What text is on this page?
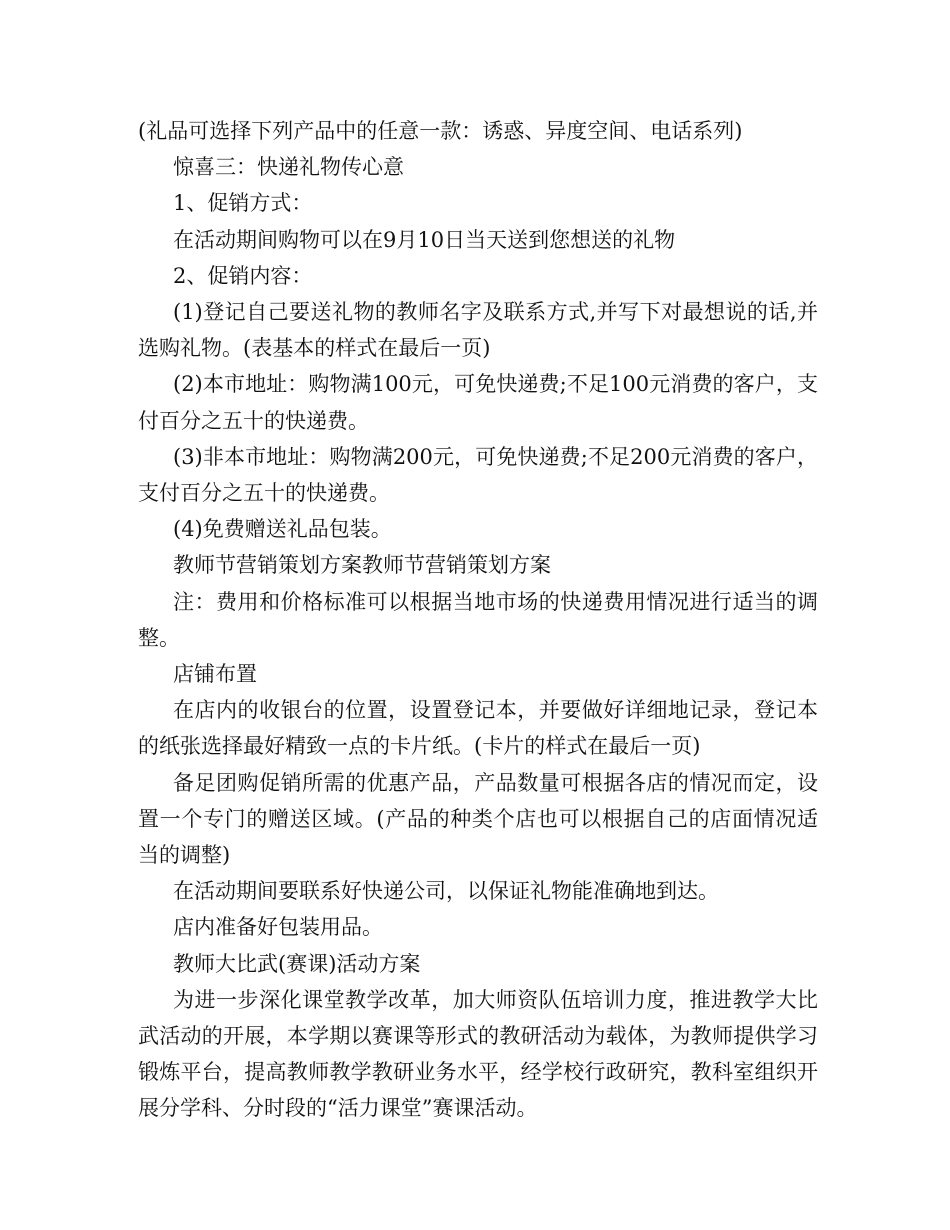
(礼品可选择下列产品中的任意一款：诱惑、异度空间、电话系列)

惊喜三：快递礼物传心意

1、促销方式：

在活动期间购物可以在9月10日当天送到您想送的礼物

2、促销内容：

(1)登记自己要送礼物的教师名字及联系方式,并写下对最想说的话,并选购礼物。(表基本的样式在最后一页)

(2)本市地址：购物满100元，可免快递费;不足100元消费的客户，支付百分之五十的快递费。

(3)非本市地址：购物满200元，可免快递费;不足200元消费的客户，支付百分之五十的快递费。

(4)免费赠送礼品包装。

教师节营销策划方案教师节营销策划方案

注：费用和价格标准可以根据当地市场的快递费用情况进行适当的调整。

店铺布置

在店内的收银台的位置，设置登记本，并要做好详细地记录，登记本的纸张选择最好精致一点的卡片纸。(卡片的样式在最后一页)

备足团购促销所需的优惠产品，产品数量可根据各店的情况而定，设置一个专门的赠送区域。(产品的种类个店也可以根据自己的店面情况适当的调整)

在活动期间要联系好快递公司，以保证礼物能准确地到达。

店内准备好包装用品。

教师大比武(赛课)活动方案

为进一步深化课堂教学改革，加大师资队伍培训力度，推进教学大比武活动的开展，本学期以赛课等形式的教研活动为载体，为教师提供学习锻炼平台，提高教师教学教研业务水平，经学校行政研究，教科室组织开展分学科、分时段的“活力课堂”赛课活动。
